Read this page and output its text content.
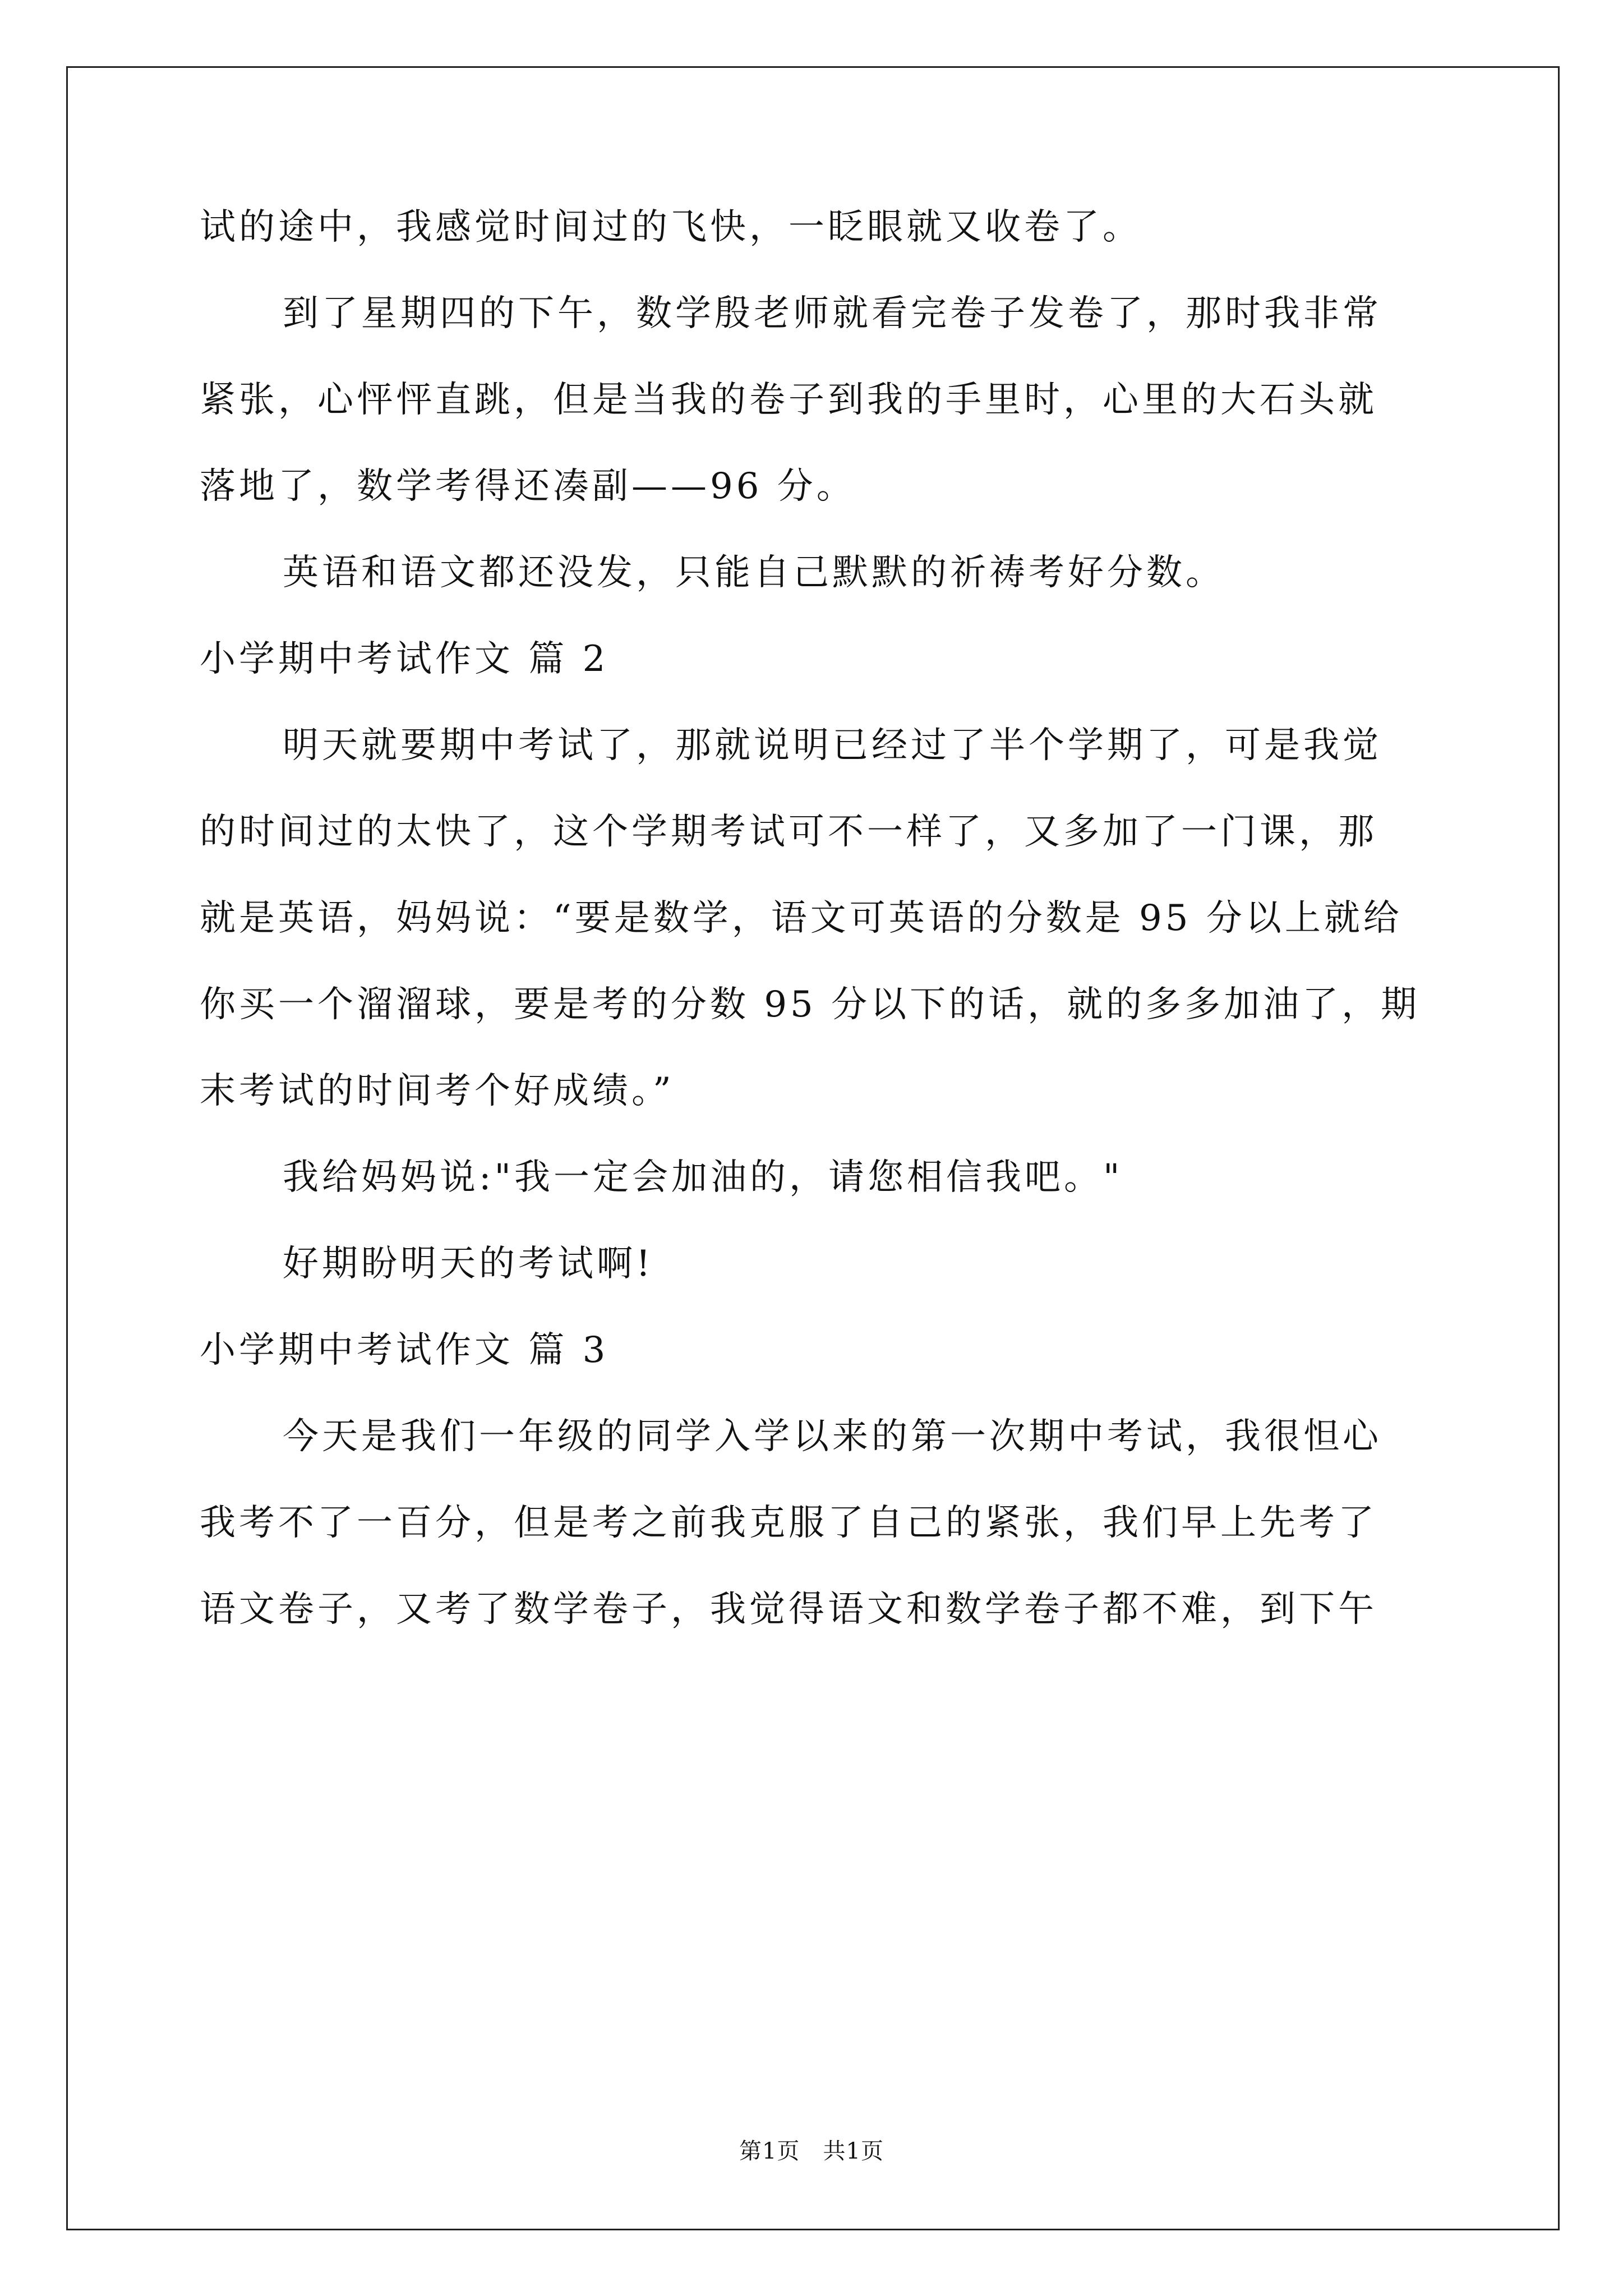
试的途中，我感觉时间过的飞快，一眨眼就又收卷了。
到了星期四的下午，数学殷老师就看完卷子发卷了，那时我非常
紧张，心怦怦直跳，但是当我的卷子到我的手里时，心里的大石头就
落地了，数学考得还凑副——96 分。
英语和语文都还没发，只能自己默默的祈祷考好分数。
小学期中考试作文 篇 2
明天就要期中考试了，那就说明已经过了半个学期了，可是我觉
的时间过的太快了，这个学期考试可不一样了，又多加了一门课，那
就是英语，妈妈说：“要是数学，语文可英语的分数是 95 分以上就给
你买一个溜溜球，要是考的分数 95 分以下的话，就的多多加油了，期
末考试的时间考个好成绩。”
我给妈妈说:"我一定会加油的，请您相信我吧。"
好期盼明天的考试啊!
小学期中考试作文 篇 3
今天是我们一年级的同学入学以来的第一次期中考试，我很怛心
我考不了一百分，但是考之前我克服了自己的紧张，我们早上先考了
语文卷子，又考了数学卷子，我觉得语文和数学卷子都不难，到下午
第1页   共1页
